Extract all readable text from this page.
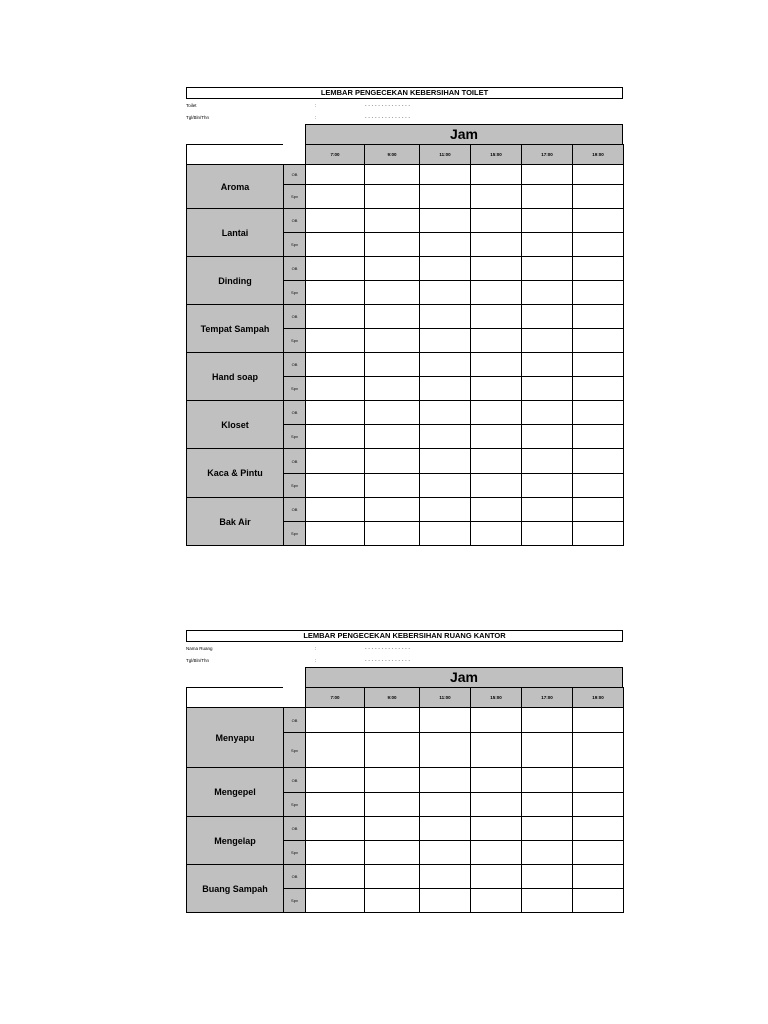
LEMBAR PENGECEKAN KEBERSIHAN TOILET
Toilet	:	- - - - - - - - - - - - - -
Tgl/Bln/Thn	:	- - - - - - - - - - - - - -
Jam
		7:00	9:00	11:00	15:00	17:00	19:00
Aroma	OB						
	Spv						
Lantai	OB						
	Spv						
Dinding	OB						
	Spv						
Tempat Sampah	OB						
	Spv						
Hand soap	OB						
	Spv						
Kloset	OB						
	Spv						
Kaca & Pintu	OB						
	Spv						
Bak Air	OB						
	Spv						
LEMBAR PENGECEKAN KEBERSIHAN RUANG KANTOR
Nama Ruang	:	- - - - - - - - - - - - - -
Tgl/Bln/Thn	:	- - - - - - - - - - - - - -
Jam
		7:00	9:00	11:00	15:00	17:00	19:00
Menyapu	OB						
	Spv						
Mengepel	OB						
	Spv						
Mengelap	OB						
	Spv						
Buang Sampah	OB						
	Spv						
